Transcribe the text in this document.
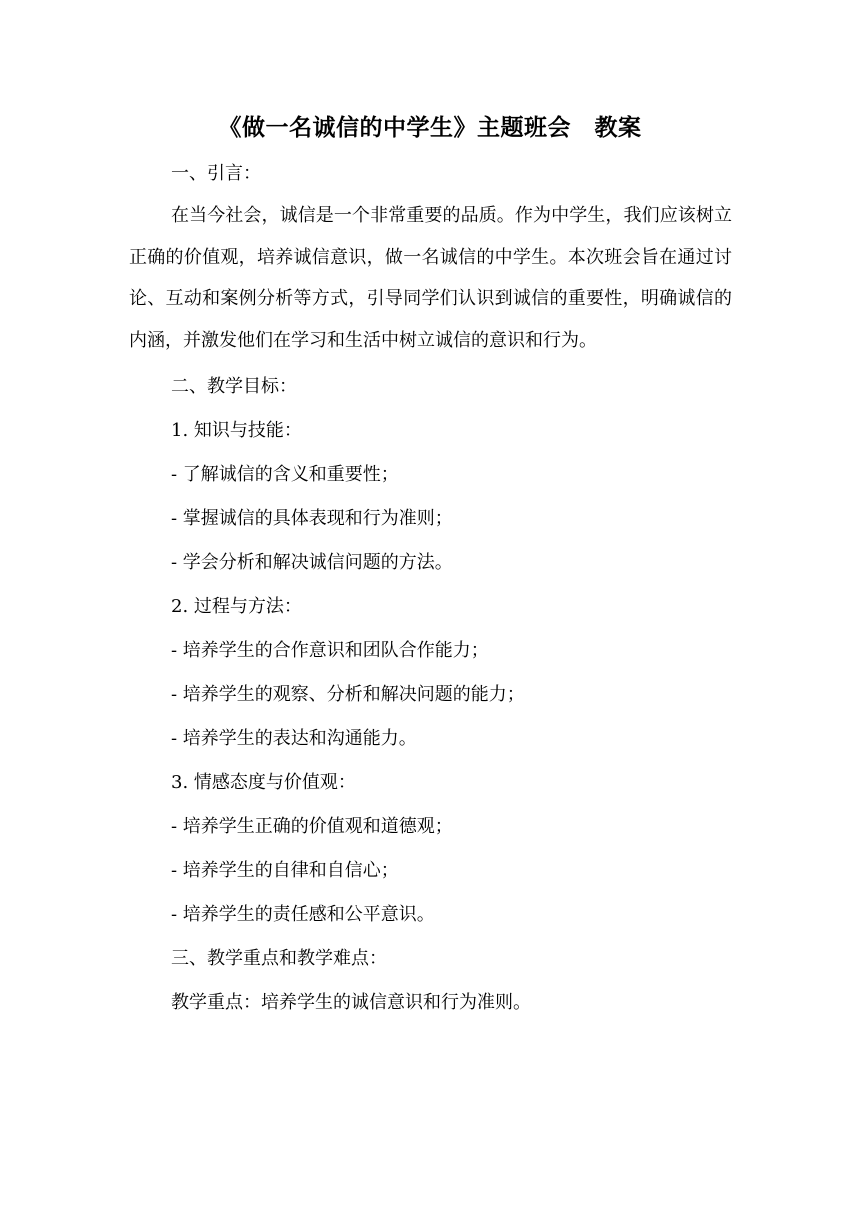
《做一名诚信的中学生》主题班会　教案

一、引言：

在当今社会，诚信是一个非常重要的品质。作为中学生，我们应该树立正确的价值观，培养诚信意识，做一名诚信的中学生。本次班会旨在通过讨论、互动和案例分析等方式，引导同学们认识到诚信的重要性，明确诚信的内涵，并激发他们在学习和生活中树立诚信的意识和行为。

二、教学目标：

1. 知识与技能：

- 了解诚信的含义和重要性；

- 掌握诚信的具体表现和行为准则；

- 学会分析和解决诚信问题的方法。

2. 过程与方法：

- 培养学生的合作意识和团队合作能力；

- 培养学生的观察、分析和解决问题的能力；

- 培养学生的表达和沟通能力。

3. 情感态度与价值观：

- 培养学生正确的价值观和道德观；

- 培养学生的自律和自信心；

- 培养学生的责任感和公平意识。

三、教学重点和教学难点：

教学重点：培养学生的诚信意识和行为准则。
